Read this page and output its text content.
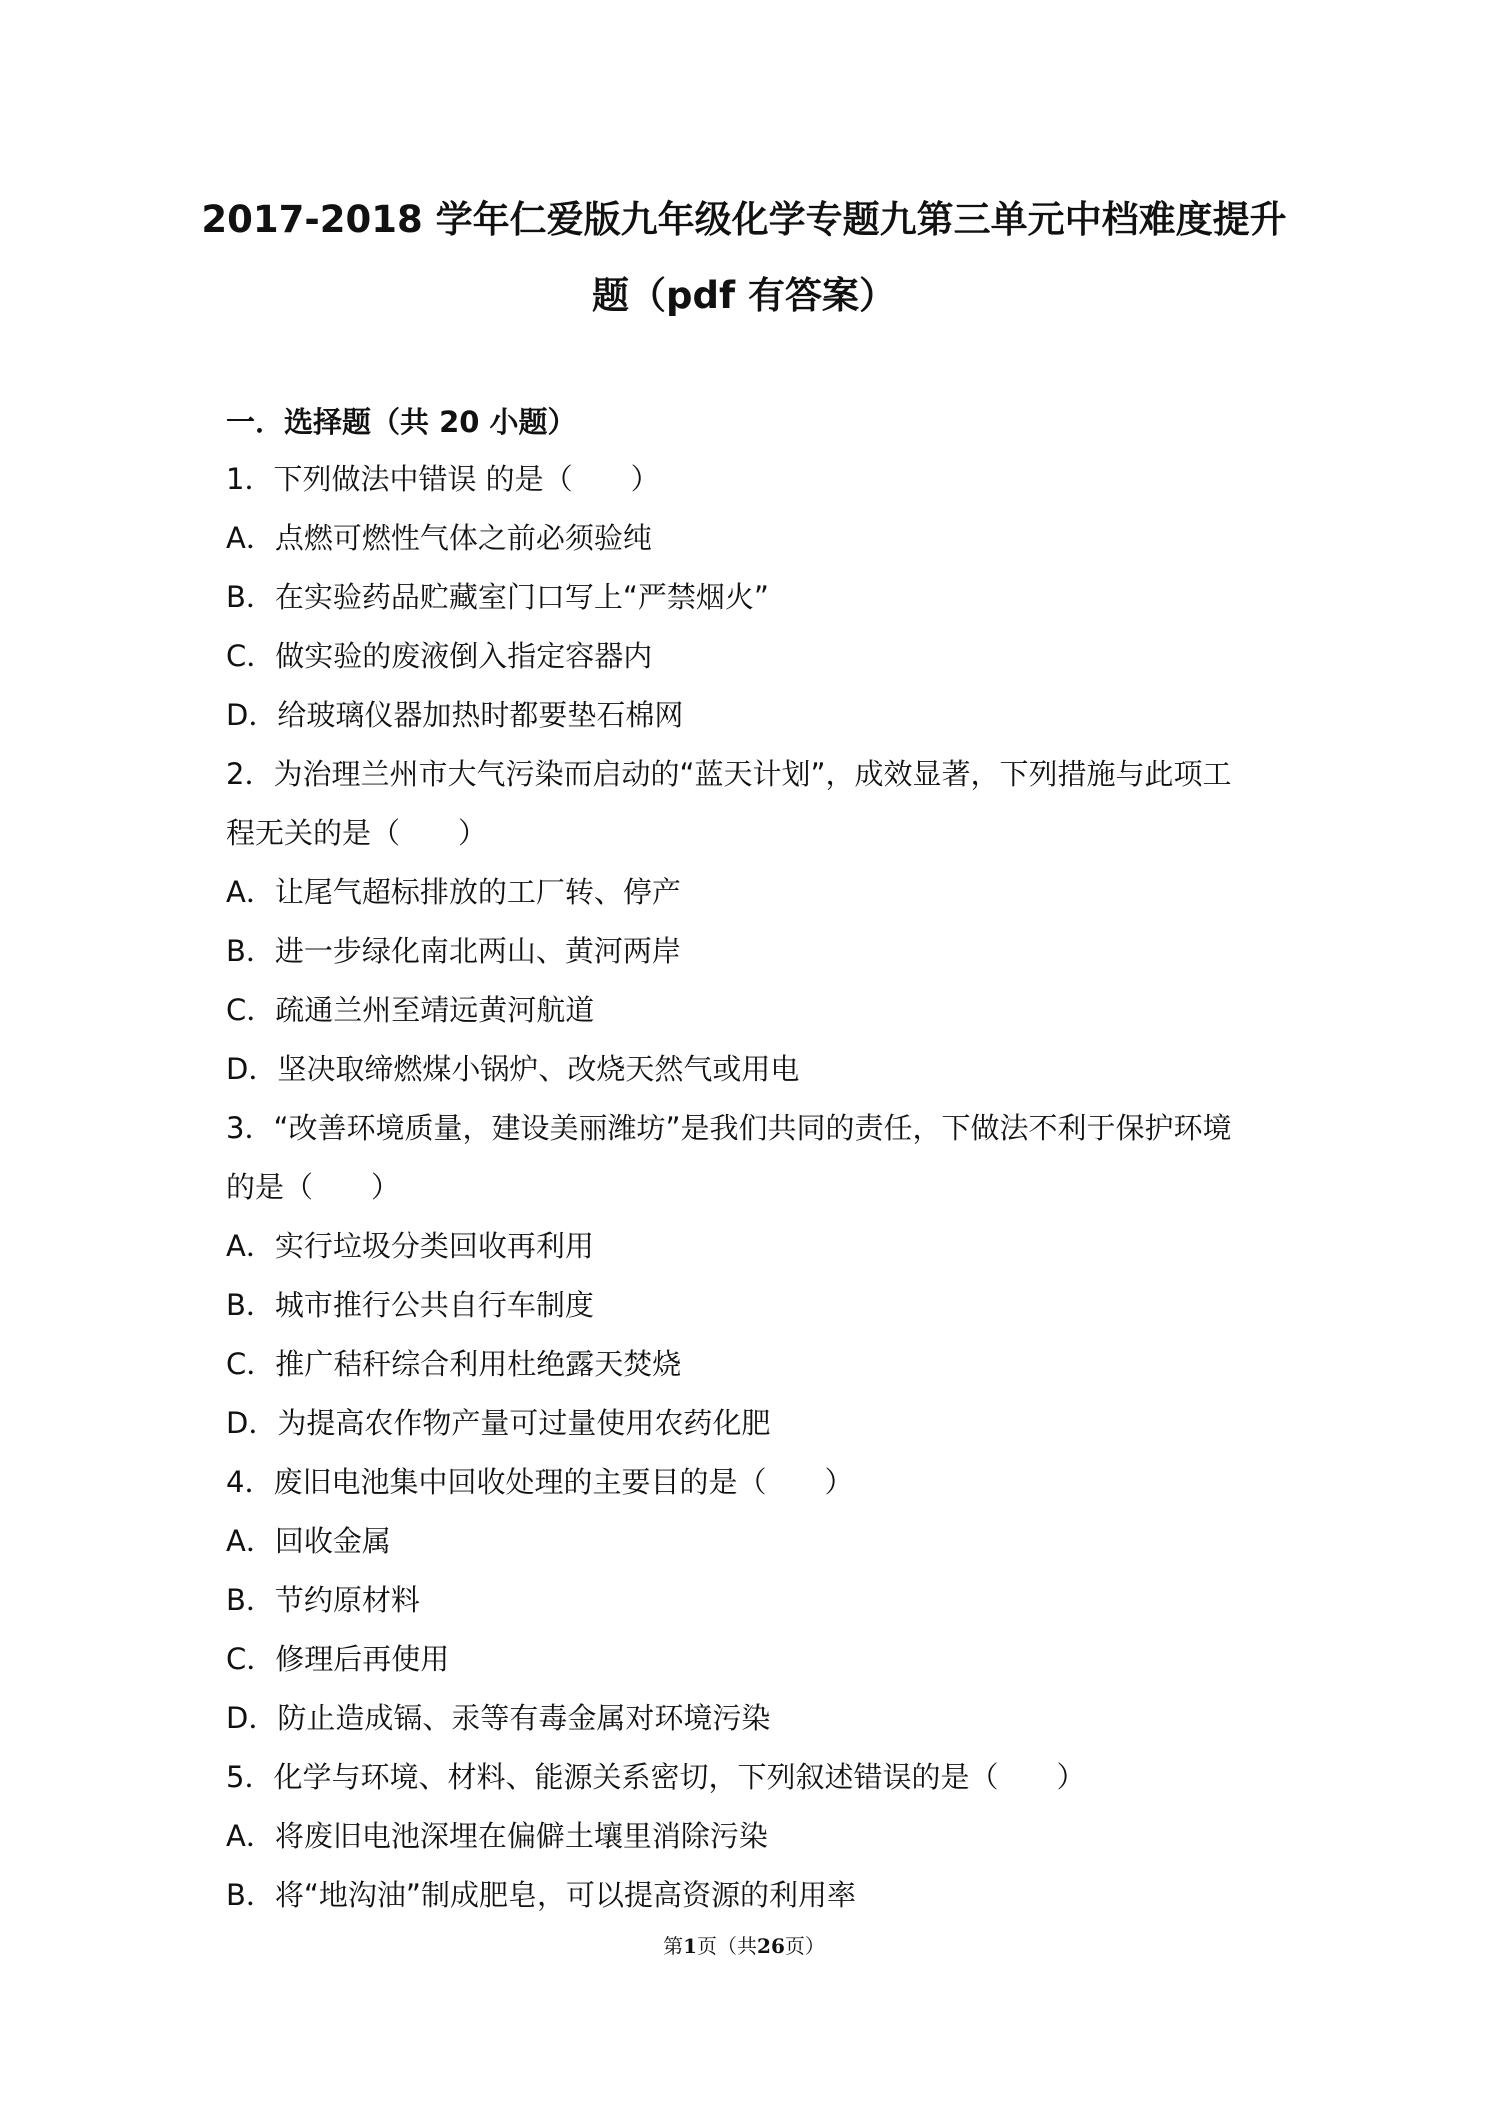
2017-2018 学年仁爱版九年级化学专题九第三单元中档难度提升
题（pdf 有答案）
一．选择题（共 20 小题）
1．下列做法中错误 的是（　　）
A．点燃可燃性气体之前必须验纯
B．在实验药品贮藏室门口写上“严禁烟火”
C．做实验的废液倒入指定容器内
D．给玻璃仪器加热时都要垫石棉网
2．为治理兰州市大气污染而启动的“蓝天计划”，成效显著，下列措施与此项工
程无关的是（　　）
A．让尾气超标排放的工厂转、停产
B．进一步绿化南北两山、黄河两岸
C．疏通兰州至靖远黄河航道
D．坚决取缔燃煤小锅炉、改烧天然气或用电
3．“改善环境质量，建设美丽潍坊”是我们共同的责任，下做法不利于保护环境
的是（　　）
A．实行垃圾分类回收再利用
B．城市推行公共自行车制度
C．推广秸秆综合利用杜绝露天焚烧
D．为提高农作物产量可过量使用农药化肥
4．废旧电池集中回收处理的主要目的是（　　）
A．回收金属
B．节约原材料
C．修理后再使用
D．防止造成镉、汞等有毒金属对环境污染
5．化学与环境、材料、能源关系密切，下列叙述错误的是（　　）
A．将废旧电池深埋在偏僻土壤里消除污染
B．将“地沟油”制成肥皂，可以提高资源的利用率
第1页（共26页）
